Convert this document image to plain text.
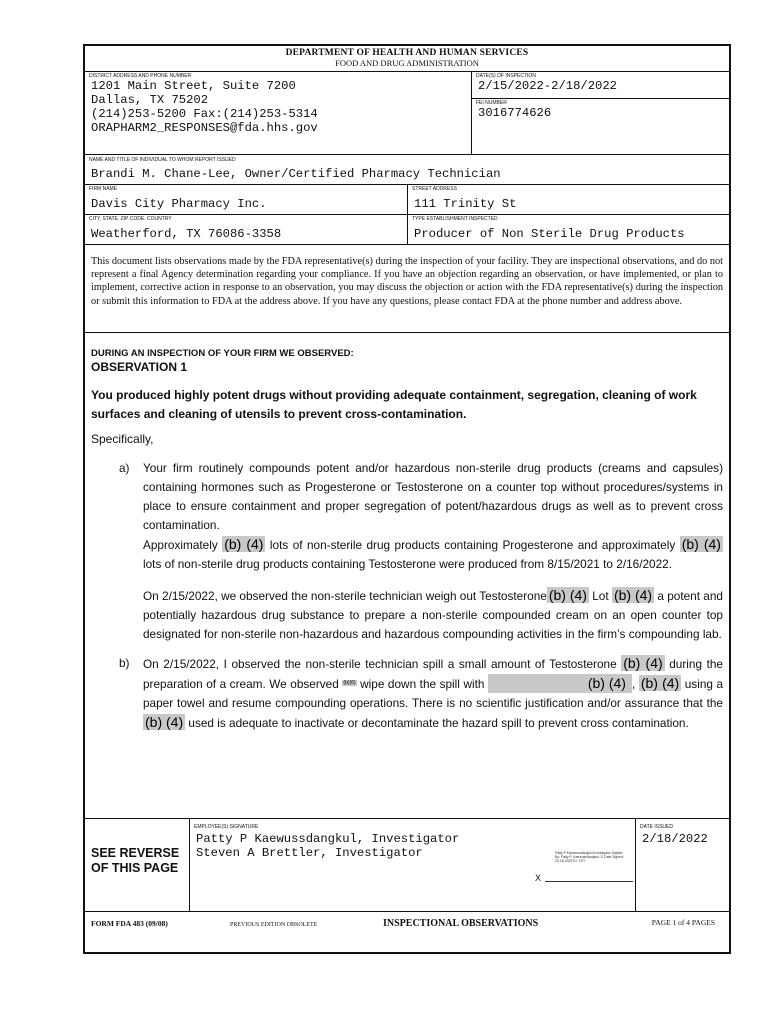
DEPARTMENT OF HEALTH AND HUMAN SERVICES
FOOD AND DRUG ADMINISTRATION
DISTRICT ADDRESS AND PHONE NUMBER
1201 Main Street, Suite 7200
Dallas, TX 75202
(214)253-5200 Fax:(214)253-5314
ORAPHARM2_RESPONSES@fda.hhs.gov
DATE(S) OF INSPECTION
2/15/2022-2/18/2022
FEI NUMBER
3016774626
NAME AND TITLE OF INDIVIDUAL TO WHOM REPORT ISSUED
Brandi M. Chane-Lee, Owner/Certified Pharmacy Technician
FIRM NAME
Davis City Pharmacy Inc.
STREET ADDRESS
111 Trinity St
CITY, STATE, ZIP CODE, COUNTRY
Weatherford, TX 76086-3358
TYPE ESTABLISHMENT INSPECTED
Producer of Non Sterile Drug Products
This document lists observations made by the FDA representative(s) during the inspection of your facility. They are inspectional observations, and do not represent a final Agency determination regarding your compliance. If you have an objection regarding an observation, or have implemented, or plan to implement, corrective action in response to an observation, you may discuss the objection or action with the FDA representative(s) during the inspection or submit this information to FDA at the address above. If you have any questions, please contact FDA at the phone number and address above.
DURING AN INSPECTION OF YOUR FIRM WE OBSERVED:
OBSERVATION 1
You produced highly potent drugs without providing adequate containment, segregation, cleaning of work surfaces and cleaning of utensils to prevent cross-contamination.
Specifically,
a) Your firm routinely compounds potent and/or hazardous non-sterile drug products (creams and capsules) containing hormones such as Progesterone or Testosterone on a counter top without procedures/systems in place to ensure containment and proper segregation of potent/hazardous drugs as well as to prevent cross contamination.

Approximately (b) (4) lots of non-sterile drug products containing Progesterone and approximately (b) (4) lots of non-sterile drug products containing Testosterone were produced from 8/15/2021 to 2/16/2022.

On 2/15/2022, we observed the non-sterile technician weigh out Testosterone (b) (4) Lot (b) (4) a potent and potentially hazardous drug substance to prepare a non-sterile compounded cream on an open counter top designated for non-sterile non-hazardous and hazardous compounding activities in the firm’s compounding lab.

b) On 2/15/2022, I observed the non-sterile technician spill a small amount of Testosterone (b) (4) during the preparation of a cream. We observed $^{(b)(6)}$ wipe down the spill with	(b) (4) , (b) (4) using a paper towel and resume compounding operations. There is no scientific justification and/or assurance that the (b) (4) used is adequate to inactivate or decontaminate the hazard spill to prevent cross contamination.

SEE REVERSE
OF THIS PAGE
EMPLOYEE(S) SIGNATURE
Patty P Kaewussdangkul, Investigator
Steven A Brettler, Investigator	Patty P Kaewussdangkul Investigator Signed By: Patty P. Kaewussdangkul -S Date Signed: 02-18-2022 ID: 7/07
X
DATE ISSUED
2/18/2022
FORM FDA 483 (09/08)	PREVIOUS EDITION OBSOLETE	INSPECTIONAL OBSERVATIONS	PAGE 1 of 4 PAGES
